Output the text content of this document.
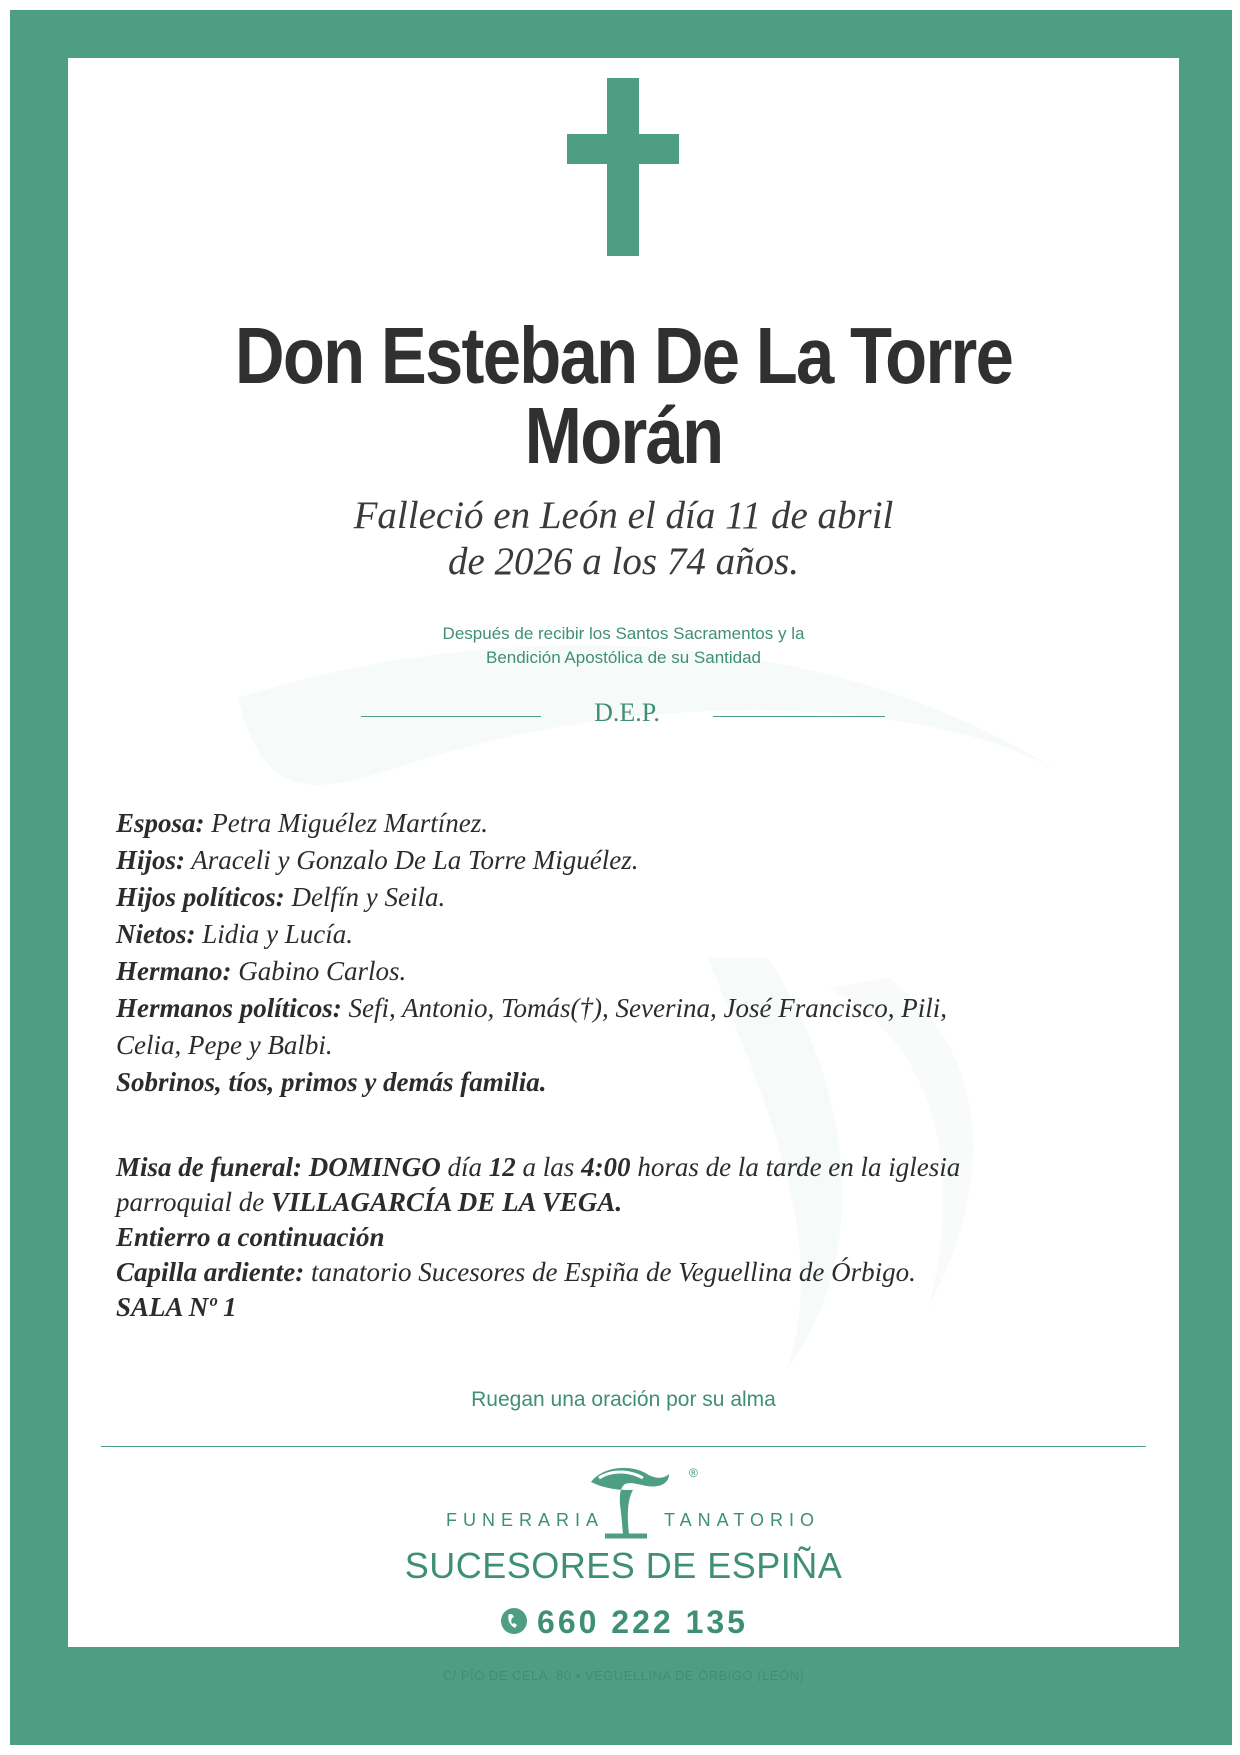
Don Esteban De La Torre Morán
Falleció en León el día 11 de abril
de 2026 a los 74 años.
Después de recibir los Santos Sacramentos y la
Bendición Apostólica de su Santidad
D.E.P.
Esposa: Petra Miguélez Martínez.
Hijos: Araceli y Gonzalo De La Torre Miguélez.
Hijos políticos: Delfín y Seila.
Nietos: Lidia y Lucía.
Hermano: Gabino Carlos.
Hermanos políticos: Sefi, Antonio, Tomás(†), Severina, José Francisco, Pili,
Celia, Pepe y Balbi.
Sobrinos, tíos, primos y demás familia.
Misa de funeral: DOMINGO día 12 a las 4:00 horas de la tarde en la iglesia
parroquial de VILLAGARCÍA DE LA VEGA.
Entierro a continuación
Capilla ardiente: tanatorio Sucesores de Espiña de Veguellina de Órbigo.
SALA Nº 1
Ruegan una oración por su alma
®
FUNERARIA	TANATORIO
SUCESORES DE ESPIÑA
660 222 135
C/ PÍO DE CELA, 80 • VEGUELLINA DE ÓRBIGO (LEÓN)
